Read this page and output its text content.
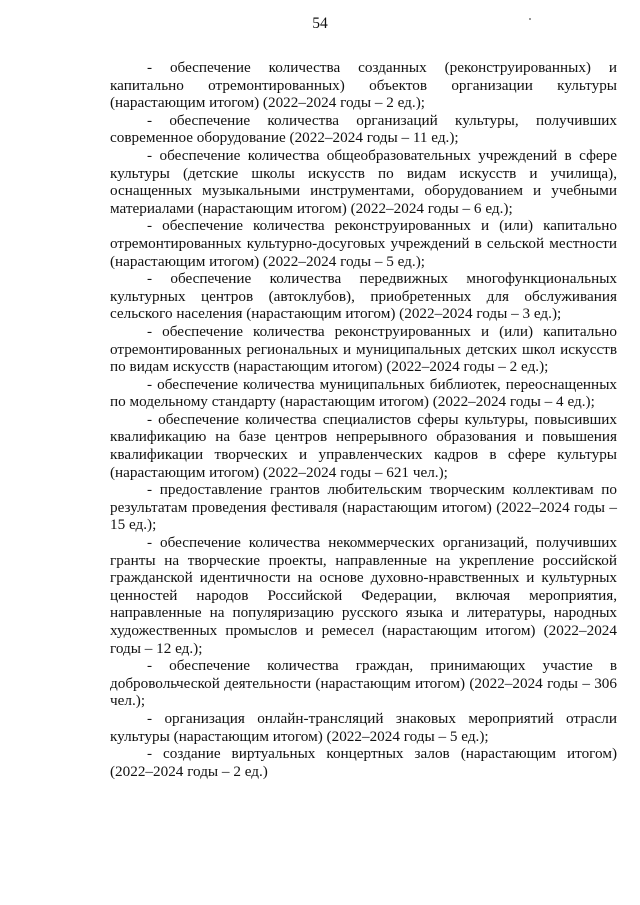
54

- обеспечение количества созданных (реконструированных) и капитально отремонтированных) объектов организации культуры (нарастающим итогом) (2022–2024 годы – 2 ед.);

- обеспечение количества организаций культуры, получивших современное оборудование (2022–2024 годы – 11 ед.);

- обеспечение количества общеобразовательных учреждений в сфере культуры (детские школы искусств по видам искусств и училища), оснащенных музыкальными инструментами, оборудованием и учебными материалами (нарастающим итогом) (2022–2024 годы – 6 ед.);

- обеспечение количества реконструированных и (или) капитально отремонтированных культурно-досуговых учреждений в сельской местности (нарастающим итогом) (2022–2024 годы – 5 ед.);

- обеспечение количества передвижных многофункциональных культурных центров (автоклубов), приобретенных для обслуживания сельского населения (нарастающим итогом) (2022–2024 годы – 3 ед.);

- обеспечение количества реконструированных и (или) капитально отремонтированных региональных и муниципальных детских школ искусств по видам искусств (нарастающим итогом) (2022–2024 годы – 2 ед.);

- обеспечение количества муниципальных библиотек, переоснащенных по модельному стандарту (нарастающим итогом) (2022–2024 годы – 4 ед.);

- обеспечение количества специалистов сферы культуры, повысивших квалификацию на базе центров непрерывного образования и повышения квалификации творческих и управленческих кадров в сфере культуры (нарастающим итогом) (2022–2024 годы – 621 чел.);

- предоставление грантов любительским творческим коллективам по результатам проведения фестиваля (нарастающим итогом) (2022–2024 годы – 15 ед.);

- обеспечение количества некоммерческих организаций, получивших гранты на творческие проекты, направленные на укрепление российской гражданской идентичности на основе духовно-нравственных и культурных ценностей народов Российской Федерации, включая мероприятия, направленные на популяризацию русского языка и литературы, народных художественных промыслов и ремесел (нарастающим итогом) (2022–2024 годы – 12 ед.);

- обеспечение количества граждан, принимающих участие в добровольческой деятельности (нарастающим итогом) (2022–2024 годы – 306 чел.);

- организация онлайн-трансляций знаковых мероприятий отрасли культуры (нарастающим итогом) (2022–2024 годы – 5 ед.);

- создание виртуальных концертных залов (нарастающим итогом) (2022–2024 годы – 2 ед.)
